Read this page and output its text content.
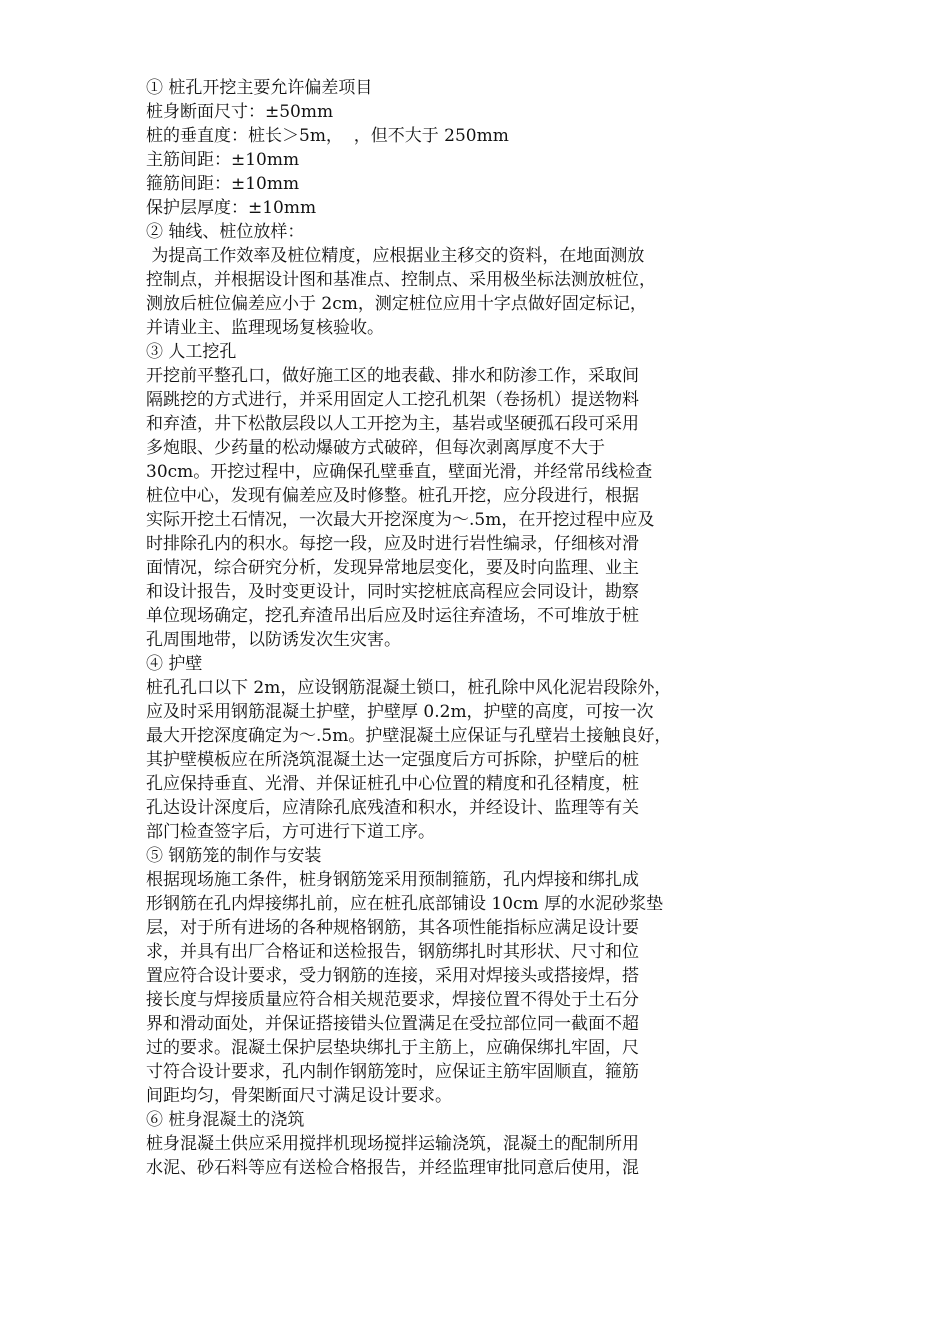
① 桩孔开挖主要允许偏差项目
桩身断面尺寸：±50mm
桩的垂直度：桩长＞5m，  ，但不大于 250mm
主筋间距：±10mm
箍筋间距：±10mm
保护层厚度：±10mm
② 轴线、桩位放样：
为提高工作效率及桩位精度，应根据业主移交的资料，在地面测放
控制点，并根据设计图和基准点、控制点、采用极坐标法测放桩位，
测放后桩位偏差应小于 2cm，测定桩位应用十字点做好固定标记，
并请业主、监理现场复核验收。
③ 人工挖孔
开挖前平整孔口，做好施工区的地表截、排水和防渗工作，采取间
隔跳挖的方式进行，并采用固定人工挖孔机架（卷扬机）提送物料
和弃渣，井下松散层段以人工开挖为主，基岩或坚硬孤石段可采用
多炮眼、少药量的松动爆破方式破碎，但每次剥离厚度不大于
30cm。开挖过程中，应确保孔壁垂直，壁面光滑，并经常吊线检查
桩位中心，发现有偏差应及时修整。桩孔开挖，应分段进行，根据
实际开挖土石情况，一次最大开挖深度为～.5m，在开挖过程中应及
时排除孔内的积水。每挖一段，应及时进行岩性编录，仔细核对滑
面情况，综合研究分析，发现异常地层变化，要及时向监理、业主
和设计报告，及时变更设计，同时实挖桩底高程应会同设计，勘察
单位现场确定，挖孔弃渣吊出后应及时运往弃渣场，不可堆放于桩
孔周围地带，以防诱发次生灾害。
④ 护壁
桩孔孔口以下 2m，应设钢筋混凝土锁口，桩孔除中风化泥岩段除外，
应及时采用钢筋混凝土护壁，护壁厚 0.2m，护壁的高度，可按一次
最大开挖深度确定为～.5m。护壁混凝土应保证与孔壁岩土接触良好，
其护壁模板应在所浇筑混凝土达一定强度后方可拆除，护壁后的桩
孔应保持垂直、光滑、并保证桩孔中心位置的精度和孔径精度，桩
孔达设计深度后，应清除孔底残渣和积水，并经设计、监理等有关
部门检查签字后，方可进行下道工序。
⑤ 钢筋笼的制作与安装
根据现场施工条件，桩身钢筋笼采用预制箍筋，孔内焊接和绑扎成
形钢筋在孔内焊接绑扎前，应在桩孔底部铺设 10cm 厚的水泥砂浆垫
层，对于所有进场的各种规格钢筋，其各项性能指标应满足设计要
求，并具有出厂合格证和送检报告，钢筋绑扎时其形状、尺寸和位
置应符合设计要求，受力钢筋的连接，采用对焊接头或搭接焊，搭
接长度与焊接质量应符合相关规范要求，焊接位置不得处于土石分
界和滑动面处，并保证搭接错头位置满足在受拉部位同一截面不超
过的要求。混凝土保护层垫块绑扎于主筋上，应确保绑扎牢固，尺
寸符合设计要求，孔内制作钢筋笼时，应保证主筋牢固顺直，箍筋
间距均匀，骨架断面尺寸满足设计要求。
⑥ 桩身混凝土的浇筑
桩身混凝土供应采用搅拌机现场搅拌运输浇筑，混凝土的配制所用
水泥、砂石料等应有送检合格报告，并经监理审批同意后使用，混
